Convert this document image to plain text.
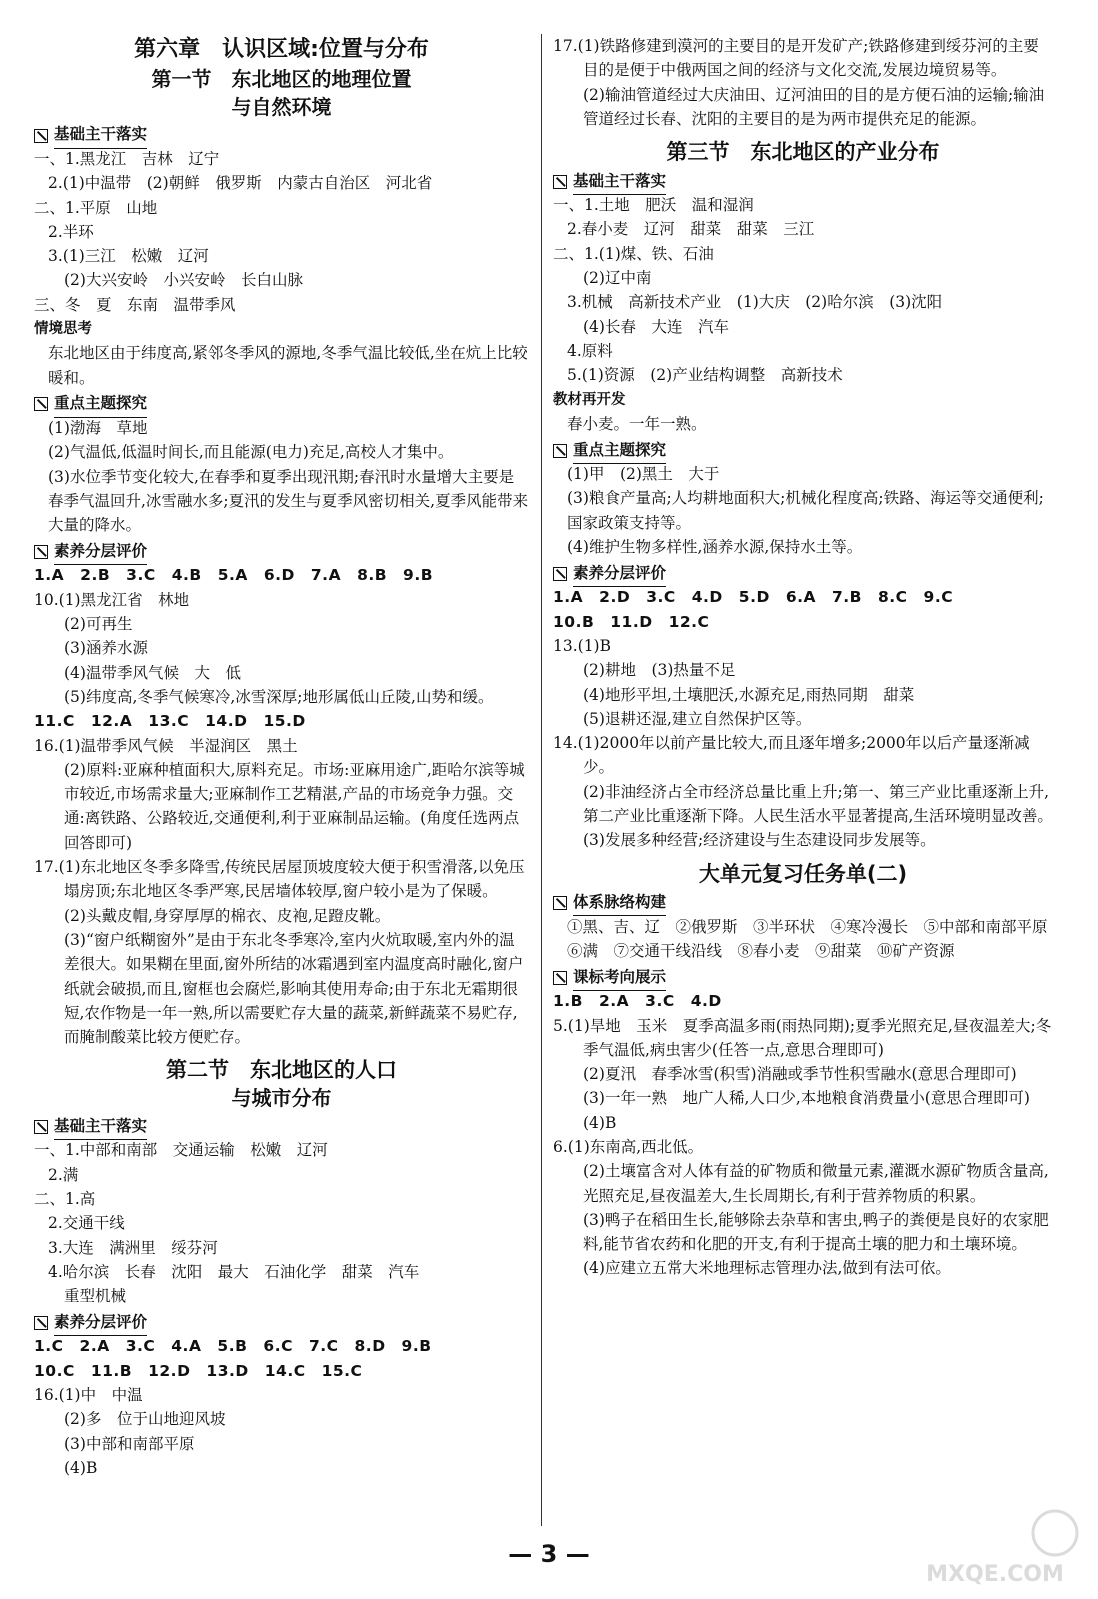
第六章　认识区域:位置与分布
第一节　东北地区的地理位置
与自然环境
基础主干落实
一、1.黑龙江　吉林　辽宁
2.(1)中温带　(2)朝鲜　俄罗斯　内蒙古自治区　河北省
二、1.平原　山地
2.半环
3.(1)三江　松嫩　辽河
(2)大兴安岭　小兴安岭　长白山脉
三、冬　夏　东南　温带季风
情境思考
东北地区由于纬度高,紧邻冬季风的源地,冬季气温比较低,坐在炕上比较暖和。
重点主题探究
(1)渤海　草地
(2)气温低,低温时间长,而且能源(电力)充足,高校人才集中。
(3)水位季节变化较大,在春季和夏季出现汛期;春汛时水量增大主要是春季气温回升,冰雪融水多;夏汛的发生与夏季风密切相关,夏季风能带来大量的降水。
素养分层评价
1.A　2.B　3.C　4.B　5.A　6.D　7.A　8.B　9.B
10.(1)黑龙江省　林地
(2)可再生
(3)涵养水源
(4)温带季风气候　大　低
(5)纬度高,冬季气候寒冷,冰雪深厚;地形属低山丘陵,山势和缓。
11.C　12.A　13.C　14.D　15.D
16.(1)温带季风气候　半湿润区　黑土
(2)原料:亚麻种植面积大,原料充足。市场:亚麻用途广,距哈尔滨等城市较近,市场需求量大;亚麻制作工艺精湛,产品的市场竞争力强。交通:离铁路、公路较近,交通便利,利于亚麻制品运输。(角度任选两点回答即可)
17.(1)东北地区冬季多降雪,传统民居屋顶坡度较大便于积雪滑落,以免压塌房顶;东北地区冬季严寒,民居墙体较厚,窗户较小是为了保暖。
(2)头戴皮帽,身穿厚厚的棉衣、皮袍,足蹬皮靴。
(3)“窗户纸糊窗外”是由于东北冬季寒冷,室内火炕取暖,室内外的温差很大。如果糊在里面,窗外所结的冰霜遇到室内温度高时融化,窗户纸就会破损,而且,窗框也会腐烂,影响其使用寿命;由于东北无霜期很短,农作物是一年一熟,所以需要贮存大量的蔬菜,新鲜蔬菜不易贮存,而腌制酸菜比较方便贮存。
第二节　东北地区的人口
与城市分布
基础主干落实
一、1.中部和南部　交通运输　松嫩　辽河
2.满
二、1.高
2.交通干线
3.大连　满洲里　绥芬河
4.哈尔滨　长春　沈阳　最大　石油化学　甜菜　汽车
重型机械
素养分层评价
1.C　2.A　3.C　4.A　5.B　6.C　7.C　8.D　9.B
10.C　11.B　12.D　13.D　14.C　15.C
16.(1)中　中温
(2)多　位于山地迎风坡
(3)中部和南部平原
(4)B
17.(1)铁路修建到漠河的主要目的是开发矿产;铁路修建到绥芬河的主要目的是便于中俄两国之间的经济与文化交流,发展边境贸易等。
(2)输油管道经过大庆油田、辽河油田的目的是方便石油的运输;输油管道经过长春、沈阳的主要目的是为两市提供充足的能源。
第三节　东北地区的产业分布
基础主干落实
一、1.土地　肥沃　温和湿润
2.春小麦　辽河　甜菜　甜菜　三江
二、1.(1)煤、铁、石油
(2)辽中南
3.机械　高新技术产业　(1)大庆　(2)哈尔滨　(3)沈阳
(4)长春　大连　汽车
4.原料
5.(1)资源　(2)产业结构调整　高新技术
教材再开发
春小麦。一年一熟。
重点主题探究
(1)甲　(2)黑土　大于
(3)粮食产量高;人均耕地面积大;机械化程度高;铁路、海运等交通便利;国家政策支持等。
(4)维护生物多样性,涵养水源,保持水土等。
素养分层评价
1.A　2.D　3.C　4.D　5.D　6.A　7.B　8.C　9.C
10.B　11.D　12.C
13.(1)B
(2)耕地　(3)热量不足
(4)地形平坦,土壤肥沃,水源充足,雨热同期　甜菜
(5)退耕还湿,建立自然保护区等。
14.(1)2000年以前产量比较大,而且逐年增多;2000年以后产量逐渐减少。
(2)非油经济占全市经济总量比重上升;第一、第三产业比重逐渐上升,第二产业比重逐渐下降。人民生活水平显著提高,生活环境明显改善。
(3)发展多种经营;经济建设与生态建设同步发展等。
大单元复习任务单(二)
体系脉络构建
①黑、吉、辽　②俄罗斯　③半环状　④寒冷漫长　⑤中部和南部平原　⑥满　⑦交通干线沿线　⑧春小麦　⑨甜菜　⑩矿产资源
课标考向展示
1.B　2.A　3.C　4.D
5.(1)旱地　玉米　夏季高温多雨(雨热同期);夏季光照充足,昼夜温差大;冬季气温低,病虫害少(任答一点,意思合理即可)
(2)夏汛　春季冰雪(积雪)消融或季节性积雪融水(意思合理即可)
(3)一年一熟　地广人稀,人口少,本地粮食消费量小(意思合理即可)
(4)B
6.(1)东南高,西北低。
(2)土壤富含对人体有益的矿物质和微量元素,灌溉水源矿物质含量高,光照充足,昼夜温差大,生长周期长,有利于营养物质的积累。
(3)鸭子在稻田生长,能够除去杂草和害虫,鸭子的粪便是良好的农家肥料,能节省农药和化肥的开支,有利于提高土壤的肥力和土壤环境。
(4)应建立五常大米地理标志管理办法,做到有法可依。
— 3 —
MXQE.COM
